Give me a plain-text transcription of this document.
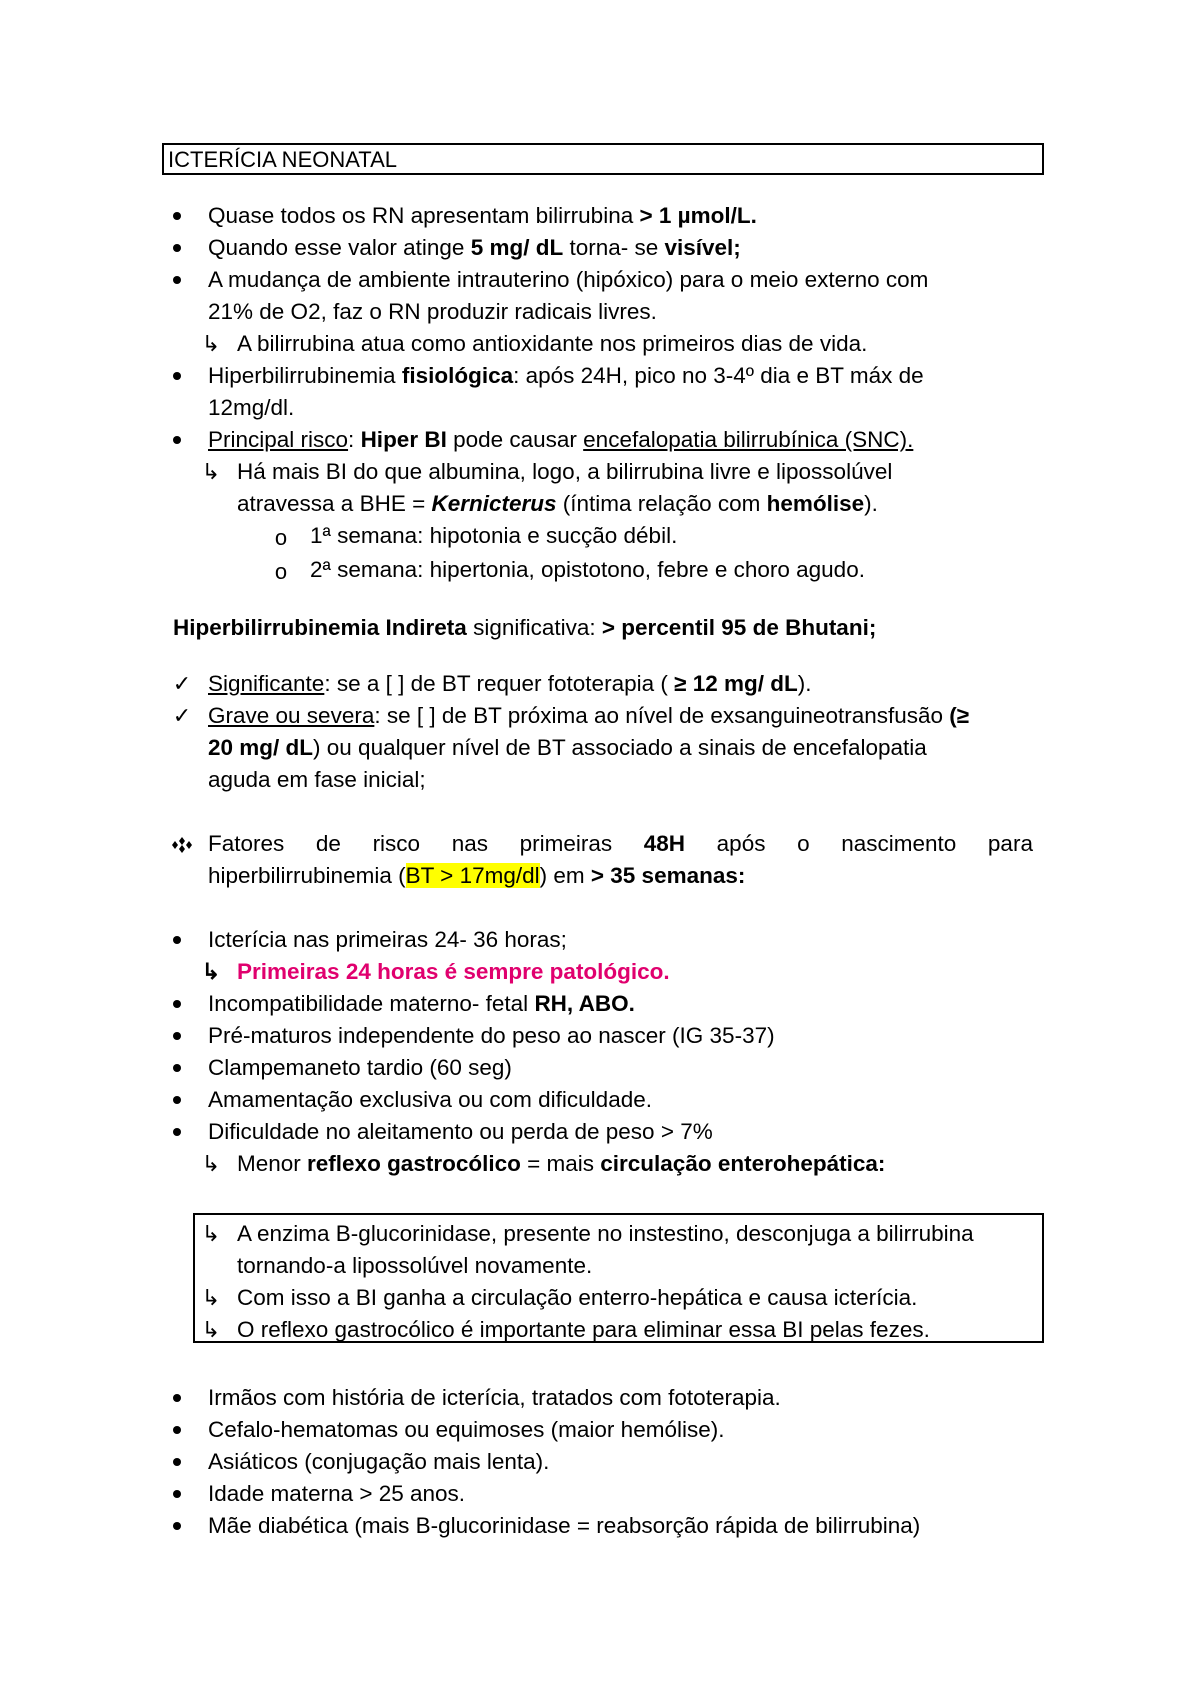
ICTERÍCIA NEONATAL
Quase todos os RN apresentam bilirrubina > 1 µmol/L.
Quando esse valor atinge 5 mg/ dL torna- se visível;
A mudança de ambiente intrauterino (hipóxico) para o meio externo com
21% de O2, faz o RN produzir radicais livres.
↳ A bilirrubina atua como antioxidante nos primeiros dias de vida.
Hiperbilirrubinemia fisiológica: após 24H, pico no 3-4º dia e BT máx de
12mg/dl.
Principal risco: Hiper BI pode causar encefalopatia bilirrubínica (SNC).
↳ Há mais BI do que albumina, logo, a bilirrubina livre e lipossolúvel
atravessa a BHE = Kernicterus (íntima relação com hemólise).
o 1ª semana: hipotonia e sucção débil.
o 2ª semana: hipertonia, opistotono, febre e choro agudo.
Hiperbilirrubinemia Indireta significativa: > percentil 95 de Bhutani;
✓ Significante: se a [ ] de BT requer fototerapia ( ≥ 12 mg/ dL).
✓ Grave ou severa: se [ ] de BT próxima ao nível de exsanguineotransfusão (≥
20 mg/ dL) ou qualquer nível de BT associado a sinais de encefalopatia
aguda em fase inicial;
Fatores de risco nas primeiras 48H após o nascimento para
hiperbilirrubinemia (BT > 17mg/dl) em > 35 semanas:
Icterícia nas primeiras 24- 36 horas;
↳ Primeiras 24 horas é sempre patológico.
Incompatibilidade materno- fetal RH, ABO.
Pré-maturos independente do peso ao nascer (IG 35-37)
Clampemaneto tardio (60 seg)
Amamentação exclusiva ou com dificuldade.
Dificuldade no aleitamento ou perda de peso > 7%
↳ Menor reflexo gastrocólico = mais circulação enterohepática:
↳ A enzima B-glucorinidase, presente no instestino, desconjuga a bilirrubina
tornando-a lipossolúvel novamente.
↳ Com isso a BI ganha a circulação enterro-hepática e causa icterícia.
↳ O reflexo gastrocólico é importante para eliminar essa BI pelas fezes.
Irmãos com história de icterícia, tratados com fototerapia.
Cefalo-hematomas ou equimoses (maior hemólise).
Asiáticos (conjugação mais lenta).
Idade materna > 25 anos.
Mãe diabética (mais B-glucorinidase = reabsorção rápida de bilirrubina)
